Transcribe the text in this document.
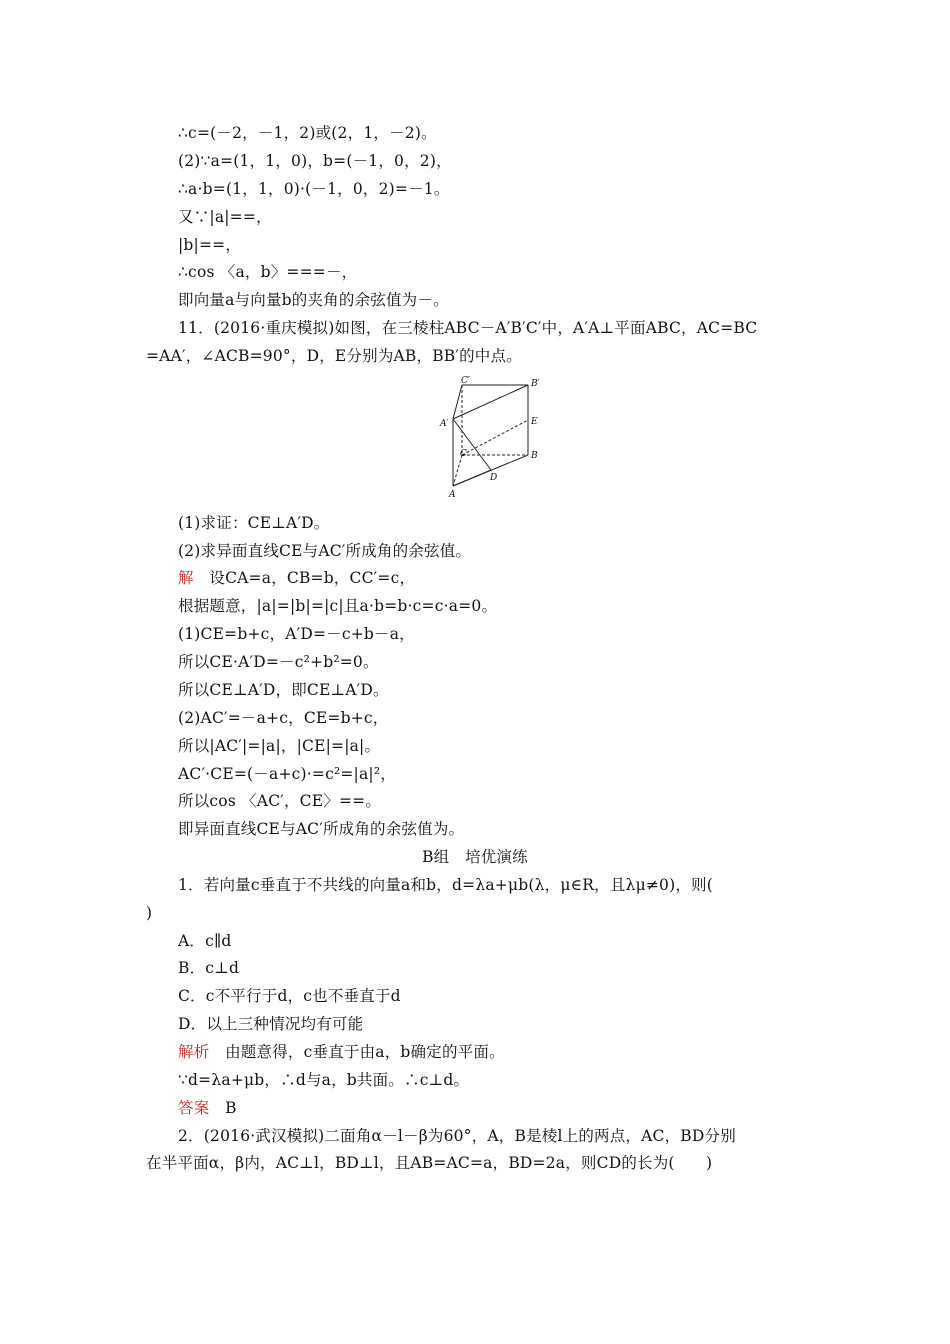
∴c=(－2，－1，2)或(2，1，－2)。
(2)∵a=(1，1，0)，b=(－1，0，2)，
∴a·b=(1，1，0)·(－1，0，2)=－1。
又∵|a|==，
|b|==，
∴cos 〈a，b〉===－，
即向量a与向量b的夹角的余弦值为－。
11．(2016·重庆模拟)如图，在三棱柱ABC－A′B′C′中，A′A⊥平面ABC，AC=BC
=AA′，∠ACB=90°，D，E分别为AB，BB′的中点。
C′	B′
A′	E
C	B
D
A
(1)求证：CE⊥A′D。
(2)求异面直线CE与AC′所成角的余弦值。
解　 设CA=a，CB=b，CC′=c，
根据题意，|a|=|b|=|c|且a·b=b·c=c·a=0。
(1)CE=b+c，A′D=－c+b－a，
所以CE·A′D=－c²+b²=0。
所以CE⊥A′D，即CE⊥A′D。
(2)AC′=－a+c，CE=b+c，
所以|AC′|=|a|，|CE|=|a|。
AC′·CE=(－a+c)·=c²=|a|²，
所以cos 〈AC′，CE〉==。
即异面直线CE与AC′所成角的余弦值为。
B组　培优演练
1．若向量c垂直于不共线的向量a和b，d=λa+μb(λ，μ∈R，且λμ≠0)，则(
)
A．c∥d
B．c⊥d
C．c不平行于d，c也不垂直于d
D．以上三种情况均有可能
解析　 由题意得，c垂直于由a，b确定的平面。
∵d=λa+μb，∴d与a，b共面。∴c⊥d。
答案　 B
2．(2016·武汉模拟)二面角α－l－β为60°，A，B是棱l上的两点，AC，BD分别
在半平面α，β内，AC⊥l，BD⊥l，且AB=AC=a，BD=2a，则CD的长为(　　)
